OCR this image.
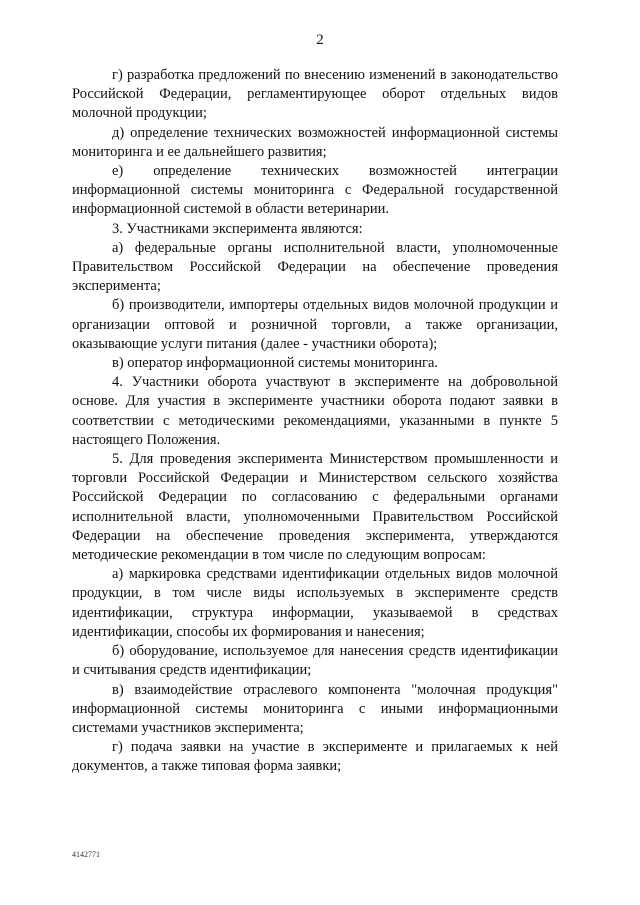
2

г) разработка предложений по внесению изменений в законодательство Российской Федерации, регламентирующее оборот отдельных видов молочной продукции;

д) определение технических возможностей информационной системы мониторинга и ее дальнейшего развития;

е) определение технических возможностей интеграции информационной системы мониторинга с Федеральной государственной информационной системой в области ветеринарии.

3. Участниками эксперимента являются:

а) федеральные органы исполнительной власти, уполномоченные Правительством Российской Федерации на обеспечение проведения эксперимента;

б) производители, импортеры отдельных видов молочной продукции и организации оптовой и розничной торговли, а также организации, оказывающие услуги питания (далее - участники оборота);

в) оператор информационной системы мониторинга.

4. Участники оборота участвуют в эксперименте на добровольной основе. Для участия в эксперименте участники оборота подают заявки в соответствии с методическими рекомендациями, указанными в пункте 5 настоящего Положения.

5. Для проведения эксперимента Министерством промышленности и торговли Российской Федерации и Министерством сельского хозяйства Российской Федерации по согласованию с федеральными органами исполнительной власти, уполномоченными Правительством Российской Федерации на обеспечение проведения эксперимента, утверждаются методические рекомендации в том числе по следующим вопросам:

а) маркировка средствами идентификации отдельных видов молочной продукции, в том числе виды используемых в эксперименте средств идентификации, структура информации, указываемой в средствах идентификации, способы их формирования и нанесения;

б) оборудование, используемое для нанесения средств идентификации и считывания средств идентификации;

в) взаимодействие отраслевого компонента "молочная продукция" информационной системы мониторинга с иными информационными системами участников эксперимента;

г) подача заявки на участие в эксперименте и прилагаемых к ней документов, а также типовая форма заявки;

4142771
